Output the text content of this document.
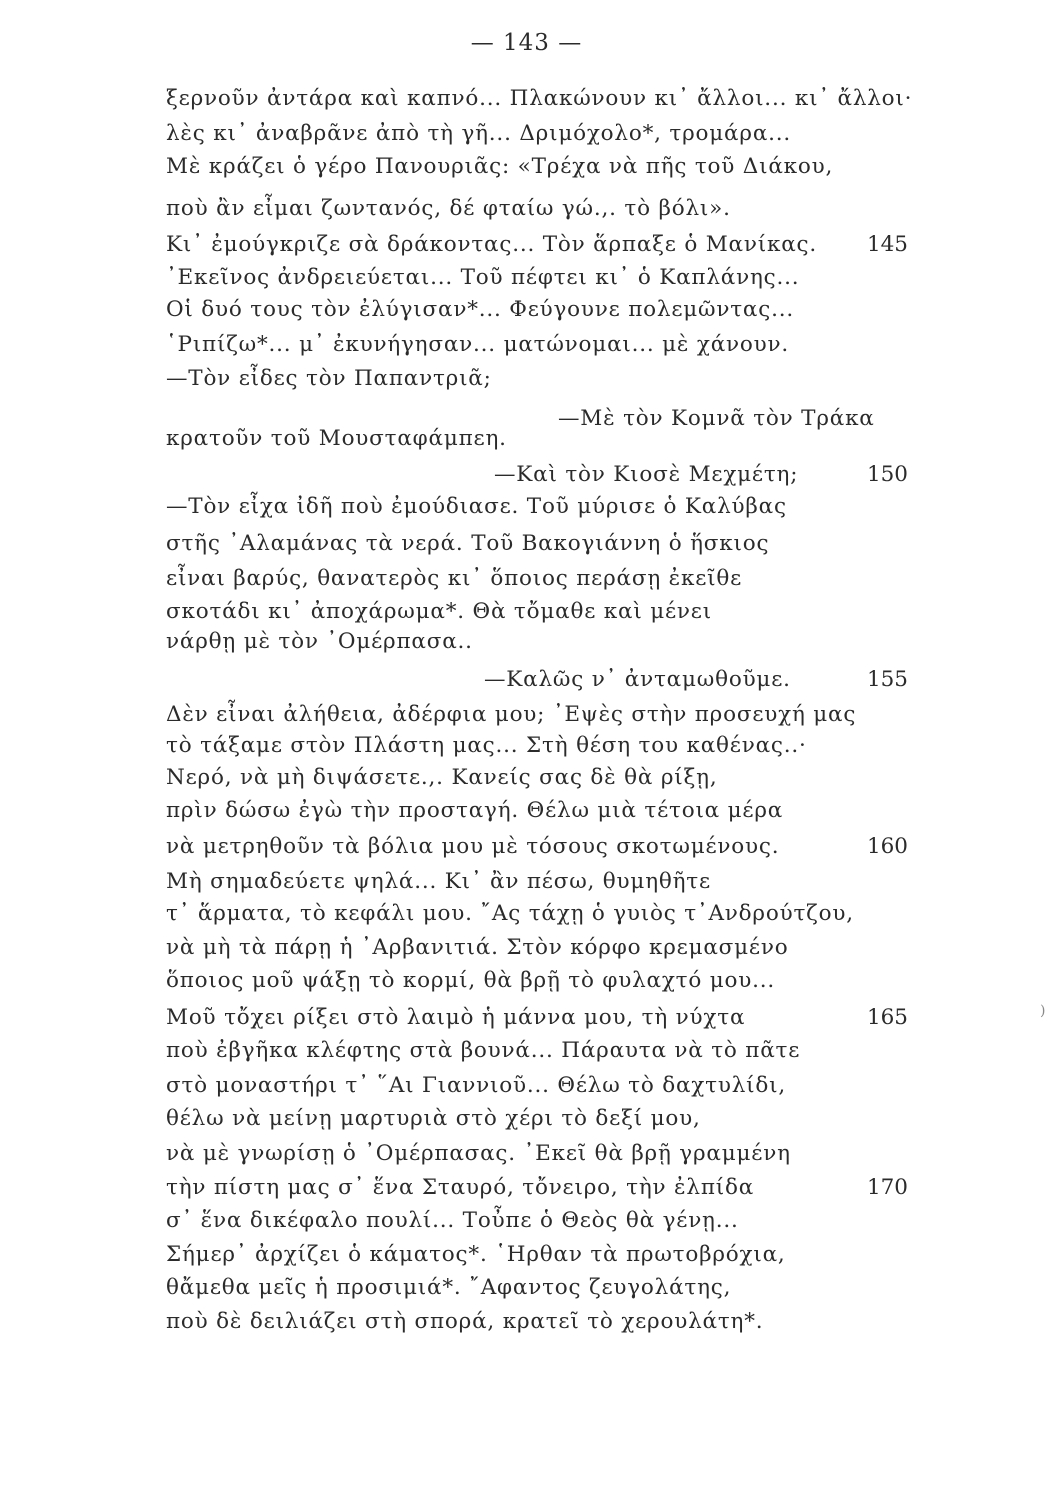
— 143 —
ξερνοῦν ἀντάρα καὶ καπνό... Πλακώνουν κι᾽ ἄλλοι... κι᾽ ἄλλοι·
λὲς κι᾽ ἀναβρᾶνε ἀπὸ τὴ γῆ... Δριμόχολο*, τρομάρα...
Μὲ κράζει ὁ γέρο Πανουριᾶς: «Τρέχα νὰ πῆς τοῦ Διάκου,
ποὺ ἂν εἶμαι ζωντανός, δέ φταίω γώ.,. τὸ βόλι».
Κι᾽ ἐμούγκριζε σὰ δράκοντας... Τὸν ἅρπαξε ὁ Μανίκας.
᾿Εκεῖνος ἀνδρειεύεται... Τοῦ πέφτει κι᾽ ὁ Καπλάνης...
Οἱ δυό τους τὸν ἐλύγισαν*... Φεύγουνε πολεμῶντας...
῾Ριπίζω*... μ᾽ ἐκυνήγησαν... ματώνομαι... μὲ χάνουν.
—Τὸν εἶδες τὸν Παπαντριᾶ;
—Μὲ τὸν Κομνᾶ τὸν Τράκα
κρατοῦν τοῦ Μουσταφάμπεη.
—Καὶ τὸν Κιοσὲ Μεχμέτη;
—Τὸν εἶχα ἰδῆ ποὺ ἐμούδιασε. Τοῦ μύρισε ὁ Καλύβας
στῆς ᾿Αλαμάνας τὰ νερά. Τοῦ Βακογιάννη ὁ ἥσκιος
εἶναι βαρύς, θανατερὸς κι᾽ ὅποιος περάσῃ ἐκεῖθε
σκοτάδι κι᾽ ἀποχάρωμα*. Θὰ τὄμαθε καὶ μένει
νάρθῃ μὲ τὸν ᾿Ομέρπασα..
—Καλῶς ν᾽ ἀνταμωθοῦμε.
Δὲν εἶναι ἀλήθεια, ἀδέρφια μου; ᾿Εψὲς στὴν προσευχή μας
τὸ τάξαμε στὸν Πλάστη μας... Στὴ θέση του καθένας..·
Νερό, νὰ μὴ διψάσετε.,. Κανείς σας δὲ θὰ ρίξῃ,
πρὶν δώσω ἐγὼ τὴν προσταγή. Θέλω μιὰ τέτοια μέρα
νὰ μετρηθοῦν τὰ βόλια μου μὲ τόσους σκοτωμένους.
Μὴ σημαδεύετε ψηλά... Κι᾽ ἂν πέσω, θυμηθῆτε
τ᾽ ἅρματα, τὸ κεφάλι μου. ῎Ας τάχῃ ὁ γυιὸς τ᾽Ανδρούτζου,
νὰ μὴ τὰ πάρῃ ἡ ᾿Αρβανιτιά. Στὸν κόρφο κρεμασμένο
ὅποιος μοῦ ψάξῃ τὸ κορμί, θὰ βρῇ τὸ φυλαχτό μου...
Μοῦ τὄχει ρίξει στὸ λαιμὸ ἡ μάννα μου, τὴ νύχτα
ποὺ ἐβγῆκα κλέφτης στὰ βουνά... Πάραυτα νὰ τὸ πᾶτε
στὸ μοναστήρι τ᾽ ῞Αι Γιαννιοῦ... Θέλω τὸ δαχτυλίδι,
θέλω νὰ μείνῃ μαρτυριὰ στὸ χέρι τὸ δεξί μου,
νὰ μὲ γνωρίσῃ ὁ ᾿Ομέρπασας. ᾿Εκεῖ θὰ βρῇ γραμμένη
τὴν πίστη μας σ᾽ ἕνα Σταυρό, τὄνειρο, τὴν ἐλπίδα
σ᾽ ἕνα δικέφαλο πουλί... Τοὖπε ὁ Θεὸς θὰ γένῃ...
Σήμερ᾽ ἀρχίζει ὁ κάματος*. ῾Ηρθαν τὰ πρωτοβρόχια,
θἄμεθα μεῖς ἡ προσιμιά*. ῎Αφαντος ζευγολάτης,
ποὺ δὲ δειλιάζει στὴ σπορά, κρατεῖ τὸ χερουλάτη*.
145
150
155
160
165
170
)
